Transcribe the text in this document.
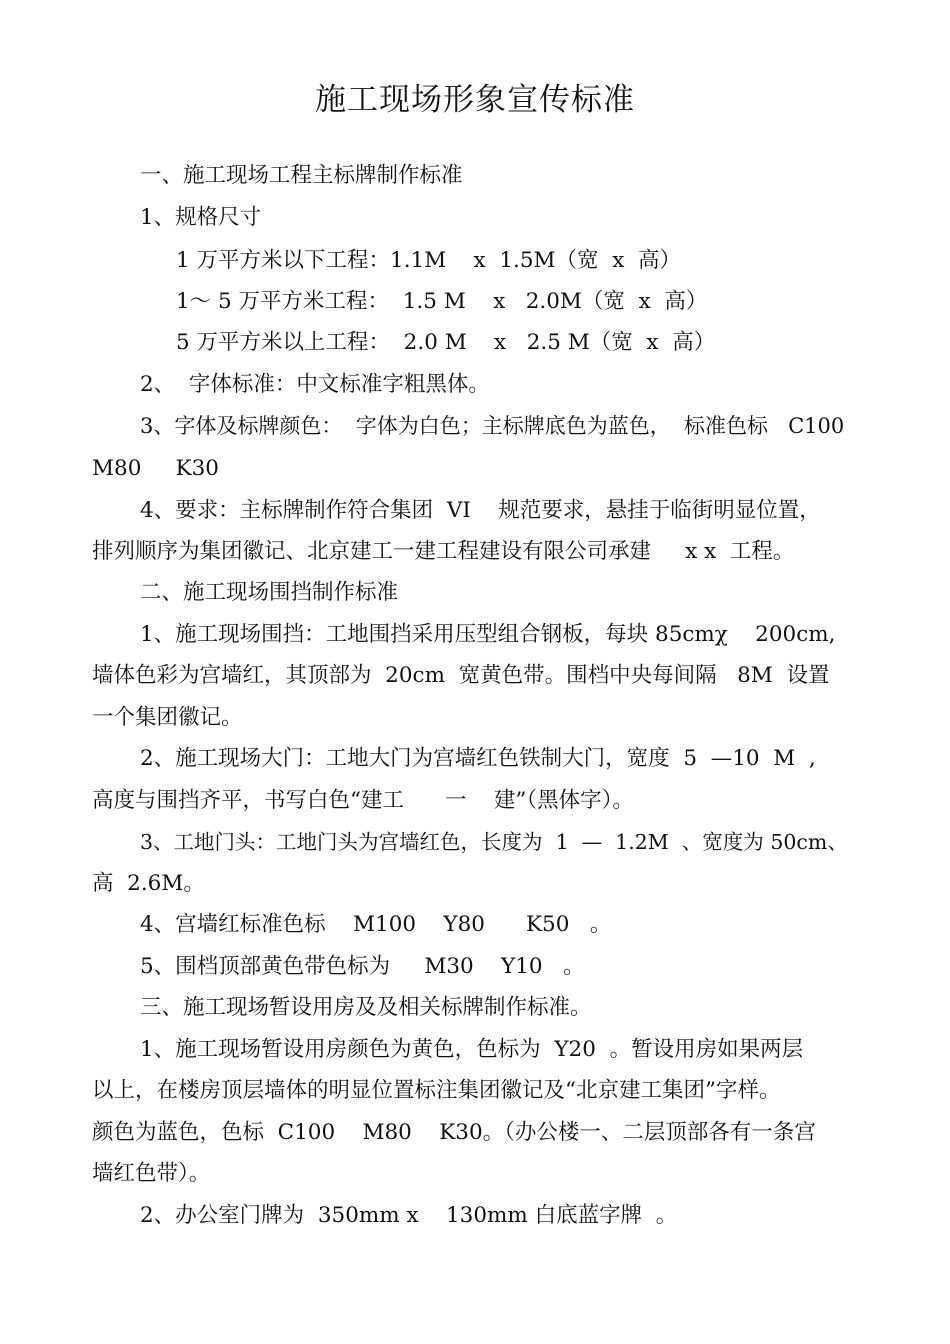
施工现场形象宣传标准

一、施工现场工程主标牌制作标准

1、规格尺寸

1 万平方米以下工程：1.1M    x  1.5M（宽  x  高）

1～ 5 万平方米工程：  1.5 M    x   2.0M（宽  x  高）

5 万平方米以上工程：  2.0 M    x   2.5 M（宽  x  高）

2、  字体标准：中文标准字粗黑体。

3、字体及标牌颜色：  字体为白色；主标牌底色为蓝色，  标准色标   C100

M80     K30

4、要求：主标牌制作符合集团  VI    规范要求，悬挂于临街明显位置，

排列顺序为集团徽记、北京建工一建工程建设有限公司承建     x x  工程。

二、施工现场围挡制作标准

1、施工现场围挡：工地围挡采用压型组合钢板，每块 85cmχ    200cm,

墙体色彩为宫墙红，其顶部为  20cm  宽黄色带。围档中央每间隔   8M  设置

一个集团徽记。

2、施工现场大门：工地大门为宫墙红色铁制大门，宽度  5  —10  M  ,

高度与围挡齐平，书写白色“建工      一    建”（黑体字）。

3、工地门头：工地门头为宫墙红色，长度为  1  —  1.2M  、宽度为 50cm、

高  2.6M。

4、宫墙红标准色标    M100    Y80      K50   。

5、围档顶部黄色带色标为     M30    Y10   。

三、施工现场暂设用房及及相关标牌制作标准。

1、施工现场暂设用房颜色为黄色，色标为  Y20  。暂设用房如果两层

以上，在楼房顶层墙体的明显位置标注集团徽记及“北京建工集团”字样。

颜色为蓝色，色标  C100    M80    K30。（办公楼一、二层顶部各有一条宫

墙红色带）。

2、办公室门牌为  350mm x    130mm 白底蓝字牌  。
